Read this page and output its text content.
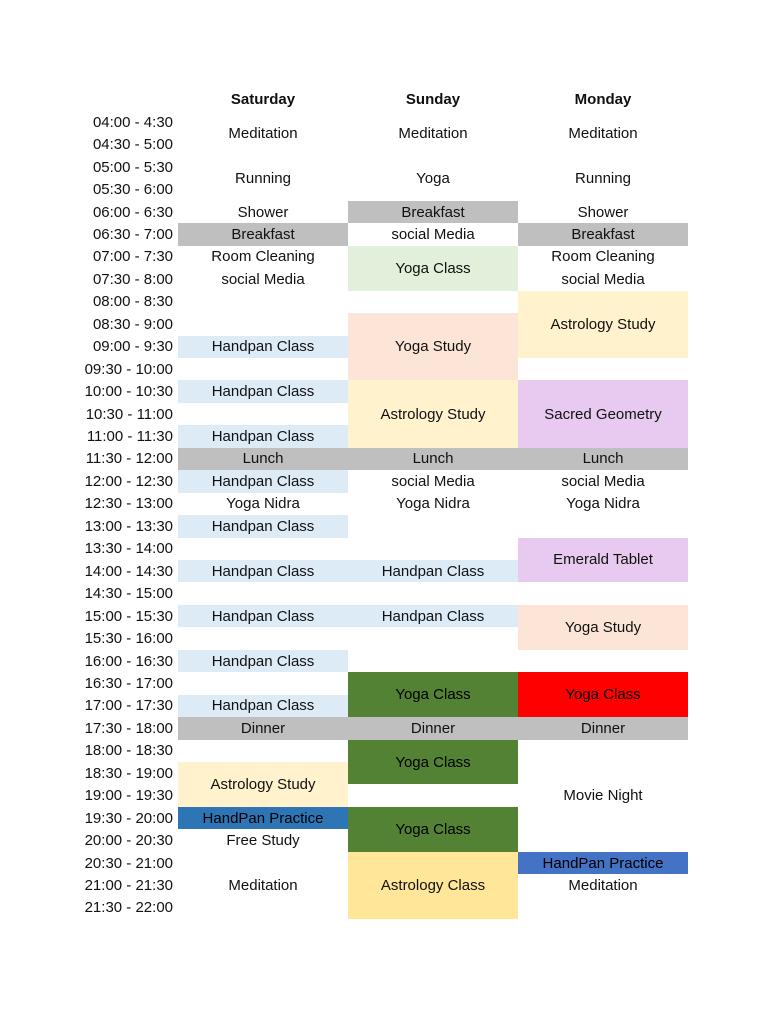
Saturday	Sunday	Monday
04:00 - 4:30
04:30 - 5:00
05:00 - 5:30
05:30 - 6:00
06:00 - 6:30
06:30 - 7:00
07:00 - 7:30
07:30 - 8:00
08:00 - 8:30
08:30 - 9:00
09:00 - 9:30
09:30 - 10:00
10:00 - 10:30
10:30 - 11:00
11:00 - 11:30
11:30 - 12:00
12:00 - 12:30
12:30 - 13:00
13:00 - 13:30
13:30 - 14:00
14:00 - 14:30
14:30 - 15:00
15:00 - 15:30
15:30 - 16:00
16:00 - 16:30
16:30 - 17:00
17:00 - 17:30
17:30 - 18:00
18:00 - 18:30
18:30 - 19:00
19:00 - 19:30
19:30 - 20:00
20:00 - 20:30
20:30 - 21:00
21:00 - 21:30
21:30 - 22:00
Meditation
Running
Shower
Breakfast
Room Cleaning
social Media
Handpan Class
Handpan Class
Handpan Class
Lunch
Handpan Class
Yoga Nidra
Handpan Class
Handpan Class
Handpan Class
Handpan Class
Handpan Class
Dinner
Astrology Study
HandPan Practice
Free Study
Meditation
Meditation
Yoga
Breakfast
social Media
Yoga Class
Yoga Study
Astrology Study
Lunch
social Media
Yoga Nidra
Handpan Class
Handpan Class
Yoga Class
Dinner
Yoga Class
Yoga Class
Astrology Class
Meditation
Running
Shower
Breakfast
Room Cleaning
social Media
Astrology Study
Sacred Geometry
Lunch
social Media
Yoga Nidra
Emerald Tablet
Yoga Study
Yoga Class
Dinner
Movie Night
HandPan Practice
Meditation
